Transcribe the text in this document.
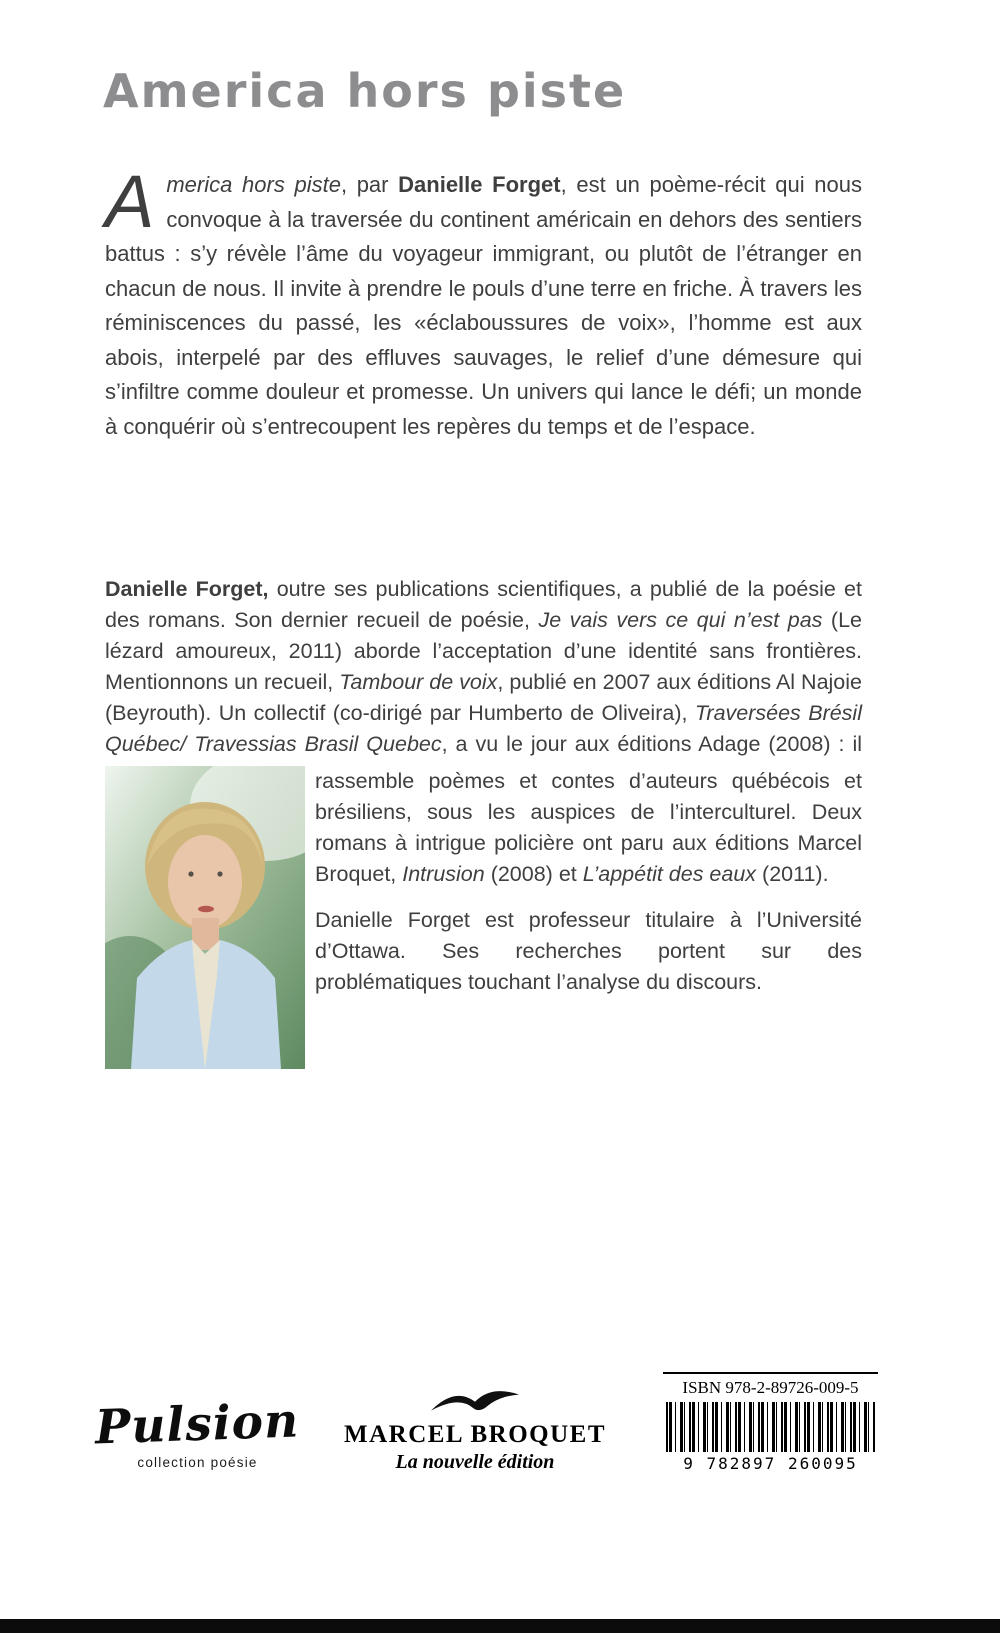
America hors piste

America hors piste, par Danielle Forget, est un poème-récit qui nous convoque à la traversée du continent américain en dehors des sentiers battus : s’y révèle l’âme du voyageur immigrant, ou plutôt de l’étranger en chacun de nous. Il invite à prendre le pouls d’une terre en friche. À travers les réminiscences du passé, les «éclaboussures de voix», l’homme est aux abois, interpelé par des effluves sauvages, le relief d’une démesure qui s’infiltre comme douleur et promesse. Un univers qui lance le défi; un monde à conquérir où s’entrecoupent les repères du temps et de l’espace.

Danielle Forget, outre ses publications scientifiques, a publié de la poésie et des romans. Son dernier recueil de poésie, Je vais vers ce qui n’est pas (Le lézard amoureux, 2011) aborde l’acceptation d’une identité sans frontières. Mentionnons un recueil, Tambour de voix, publié en 2007 aux éditions Al Najoie (Beyrouth). Un collectif (co-dirigé par Humberto de Oliveira), Traversées Brésil Québec/ Travessias Brasil Quebec, a vu le jour aux éditions Adage (2008) : il

rassemble poèmes et contes d’auteurs québécois et brésiliens, sous les auspices de l’interculturel. Deux romans à intrigue policière ont paru aux éditions Marcel Broquet, Intrusion (2008) et L’appétit des eaux (2011).

Danielle Forget est professeur titulaire à l’Université d’Ottawa. Ses recherches portent sur des problématiques touchant l’analyse du discours.

Pulsion
collection poésie
MARCEL BROQUET
La nouvelle édition
ISBN 978-2-89726-009-5
9 782897 260095
